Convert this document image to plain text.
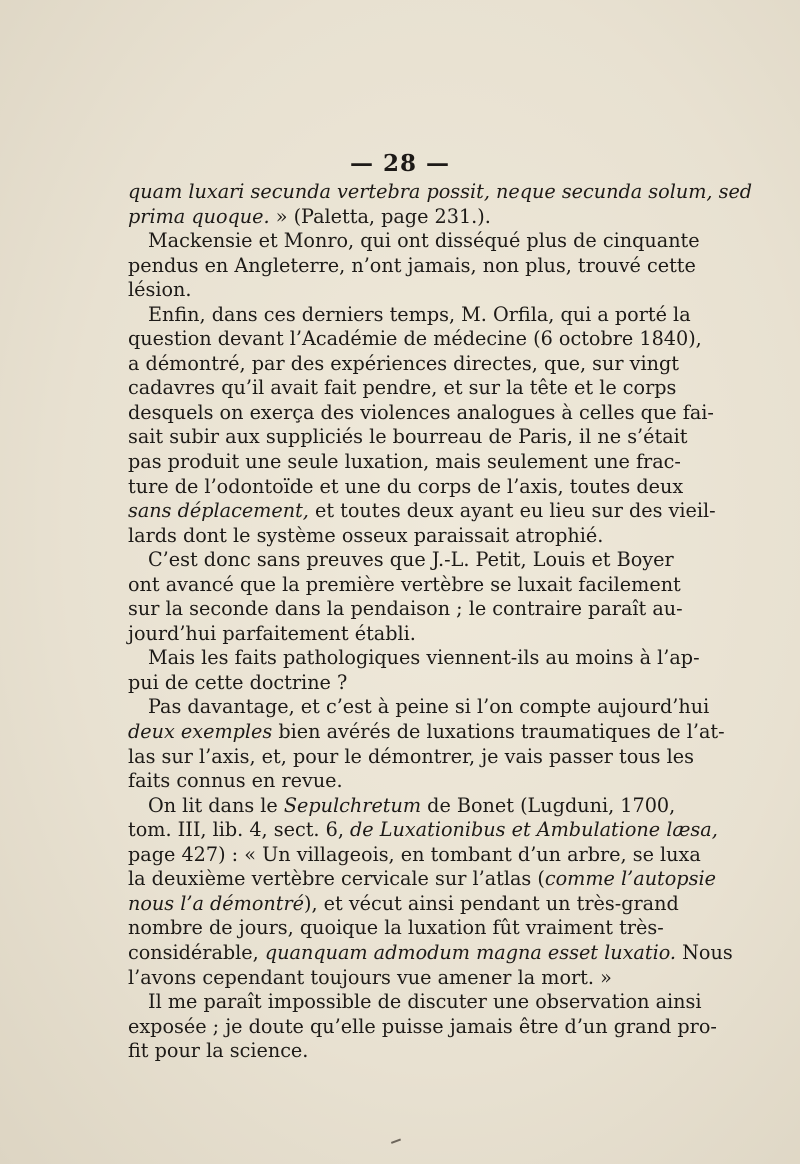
— 28 —
quam luxari secunda vertebra possit, neque secunda solum, sed
prima quoque. » (Paletta, page 231.).
Mackensie et Monro, qui ont disséqué plus de cinquante
pendus en Angleterre, n’ont jamais, non plus, trouvé cette
lésion.
Enfin, dans ces derniers temps, M. Orfila, qui a porté la
question devant l’Académie de médecine (6 octobre 1840),
a démontré, par des expériences directes, que, sur vingt
cadavres qu’il avait fait pendre, et sur la tête et le corps
desquels on exerça des violences analogues à celles que fai-
sait subir aux suppliciés le bourreau de Paris, il ne s’était
pas produit une seule luxation, mais seulement une frac-
ture de l’odontoïde et une du corps de l’axis, toutes deux
sans déplacement, et toutes deux ayant eu lieu sur des vieil-
lards dont le système osseux paraissait atrophié.
C’est donc sans preuves que J.-L. Petit, Louis et Boyer
ont avancé que la première vertèbre se luxait facilement
sur la seconde dans la pendaison ; le contraire paraît au-
jourd’hui parfaitement établi.
Mais les faits pathologiques viennent-ils au moins à l’ap-
pui de cette doctrine ?
Pas davantage, et c’est à peine si l’on compte aujourd’hui
deux exemples bien avérés de luxations traumatiques de l’at-
las sur l’axis, et, pour le démontrer, je vais passer tous les
faits connus en revue.
On lit dans le Sepulchretum de Bonet (Lugduni, 1700,
tom. III, lib. 4, sect. 6, de Luxationibus et Ambulatione læsa,
page 427) : « Un villageois, en tombant d’un arbre, se luxa
la deuxième vertèbre cervicale sur l’atlas (comme l’autopsie
nous l’a démontré), et vécut ainsi pendant un très-grand
nombre de jours, quoique la luxation fût vraiment très-
considérable, quanquam admodum magna esset luxatio. Nous
l’avons cependant toujours vue amener la mort. »
Il me paraît impossible de discuter une observation ainsi
exposée ; je doute qu’elle puisse jamais être d’un grand pro-
fit pour la science.
